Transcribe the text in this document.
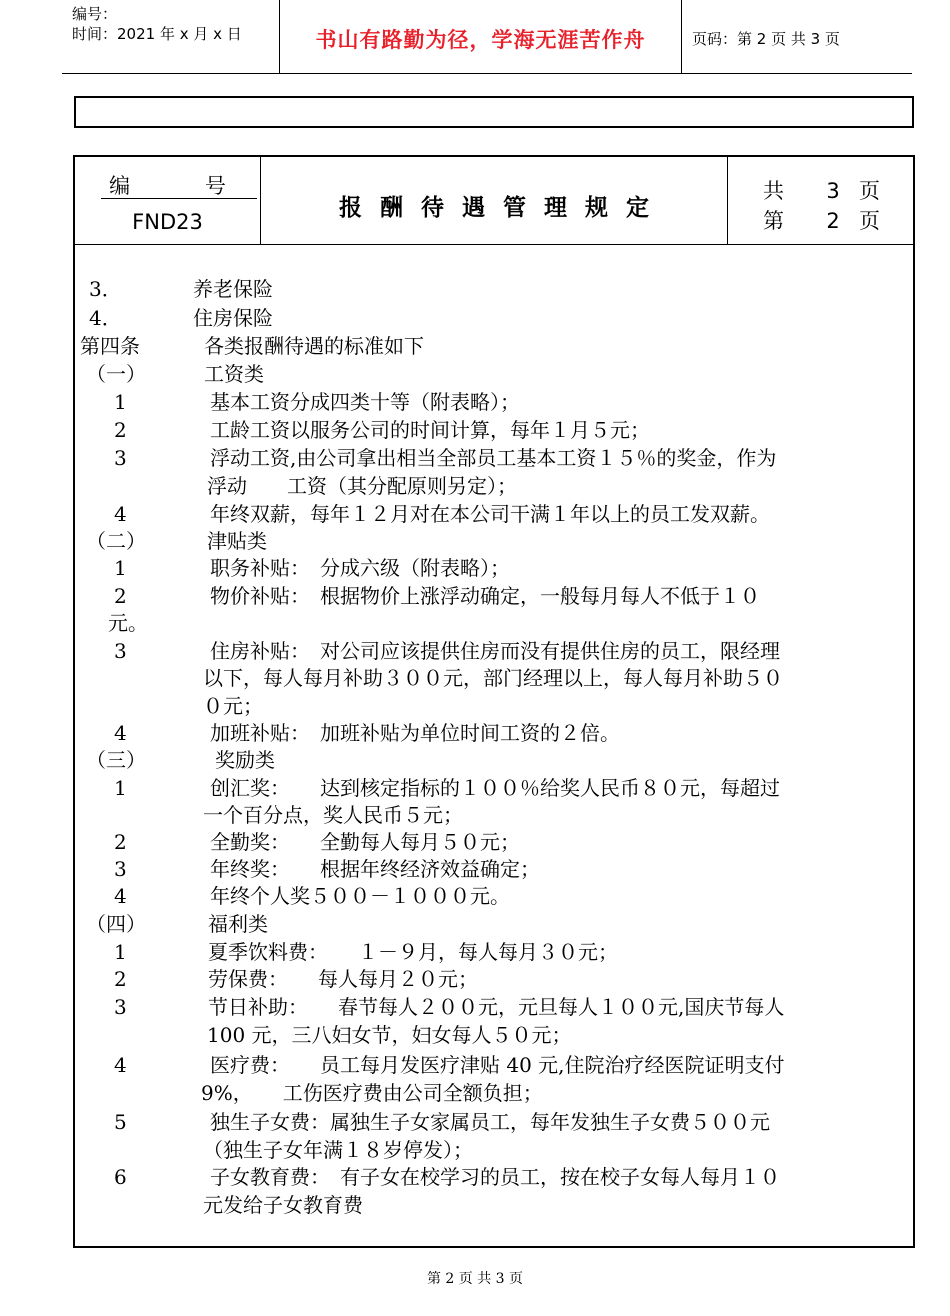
编号：
时间：2021 年 x 月 x 日	书山有路勤为径，学海无涯苦作舟	页码：第 2 页 共 3 页
编 号
FND23
报酬待遇管理规定
共 3 页
第 2 页
3．	养老保险
4．	住房保险
第四条	各类报酬待遇的标准如下
（一）	工资类
1	基本工资分成四类十等（附表略）；
2	工龄工资以服务公司的时间计算，每年１月５元；
3	浮动工资,由公司拿出相当全部员工基本工资１５％的奖金，作为
浮动　　工资（其分配原则另定）；
4	年终双薪，每年１２月对在本公司干满１年以上的员工发双薪。
（二）	津贴类
1	职务补贴：　分成六级（附表略）；
2	物价补贴：　根据物价上涨浮动确定，一般每月每人不低于１０
元。
3	住房补贴：　对公司应该提供住房而没有提供住房的员工，限经理
以下，每人每月补助３００元，部门经理以上，每人每月补助５０
０元；
4	加班补贴：　加班补贴为单位时间工资的２倍。
（三）	奖励类
1	创汇奖：　　达到核定指标的１００％给奖人民币８０元，每超过
一个百分点，奖人民币５元；
2	全勤奖：　　全勤每人每月５０元；
3	年终奖：　　根据年终经济效益确定；
4	年终个人奖５００－１０００元。
（四）	福利类
1	夏季饮料费：　　１－９月，每人每月３０元；
2	劳保费：　　每人每月２０元；
3	节日补助：　　春节每人２００元，元旦每人１００元,国庆节每人
100 元，三八妇女节，妇女每人５０元；
4	医疗费：　　员工每月发医疗津贴 40 元,住院治疗经医院证明支付
9%，　　工伤医疗费由公司全额负担；
5	独生子女费：属独生子女家属员工，每年发独生子女费５００元
（独生子女年满１８岁停发）；
6	子女教育费：　有子女在校学习的员工，按在校子女每人每月１０
元发给子女教育费
第 2 页 共 3 页
